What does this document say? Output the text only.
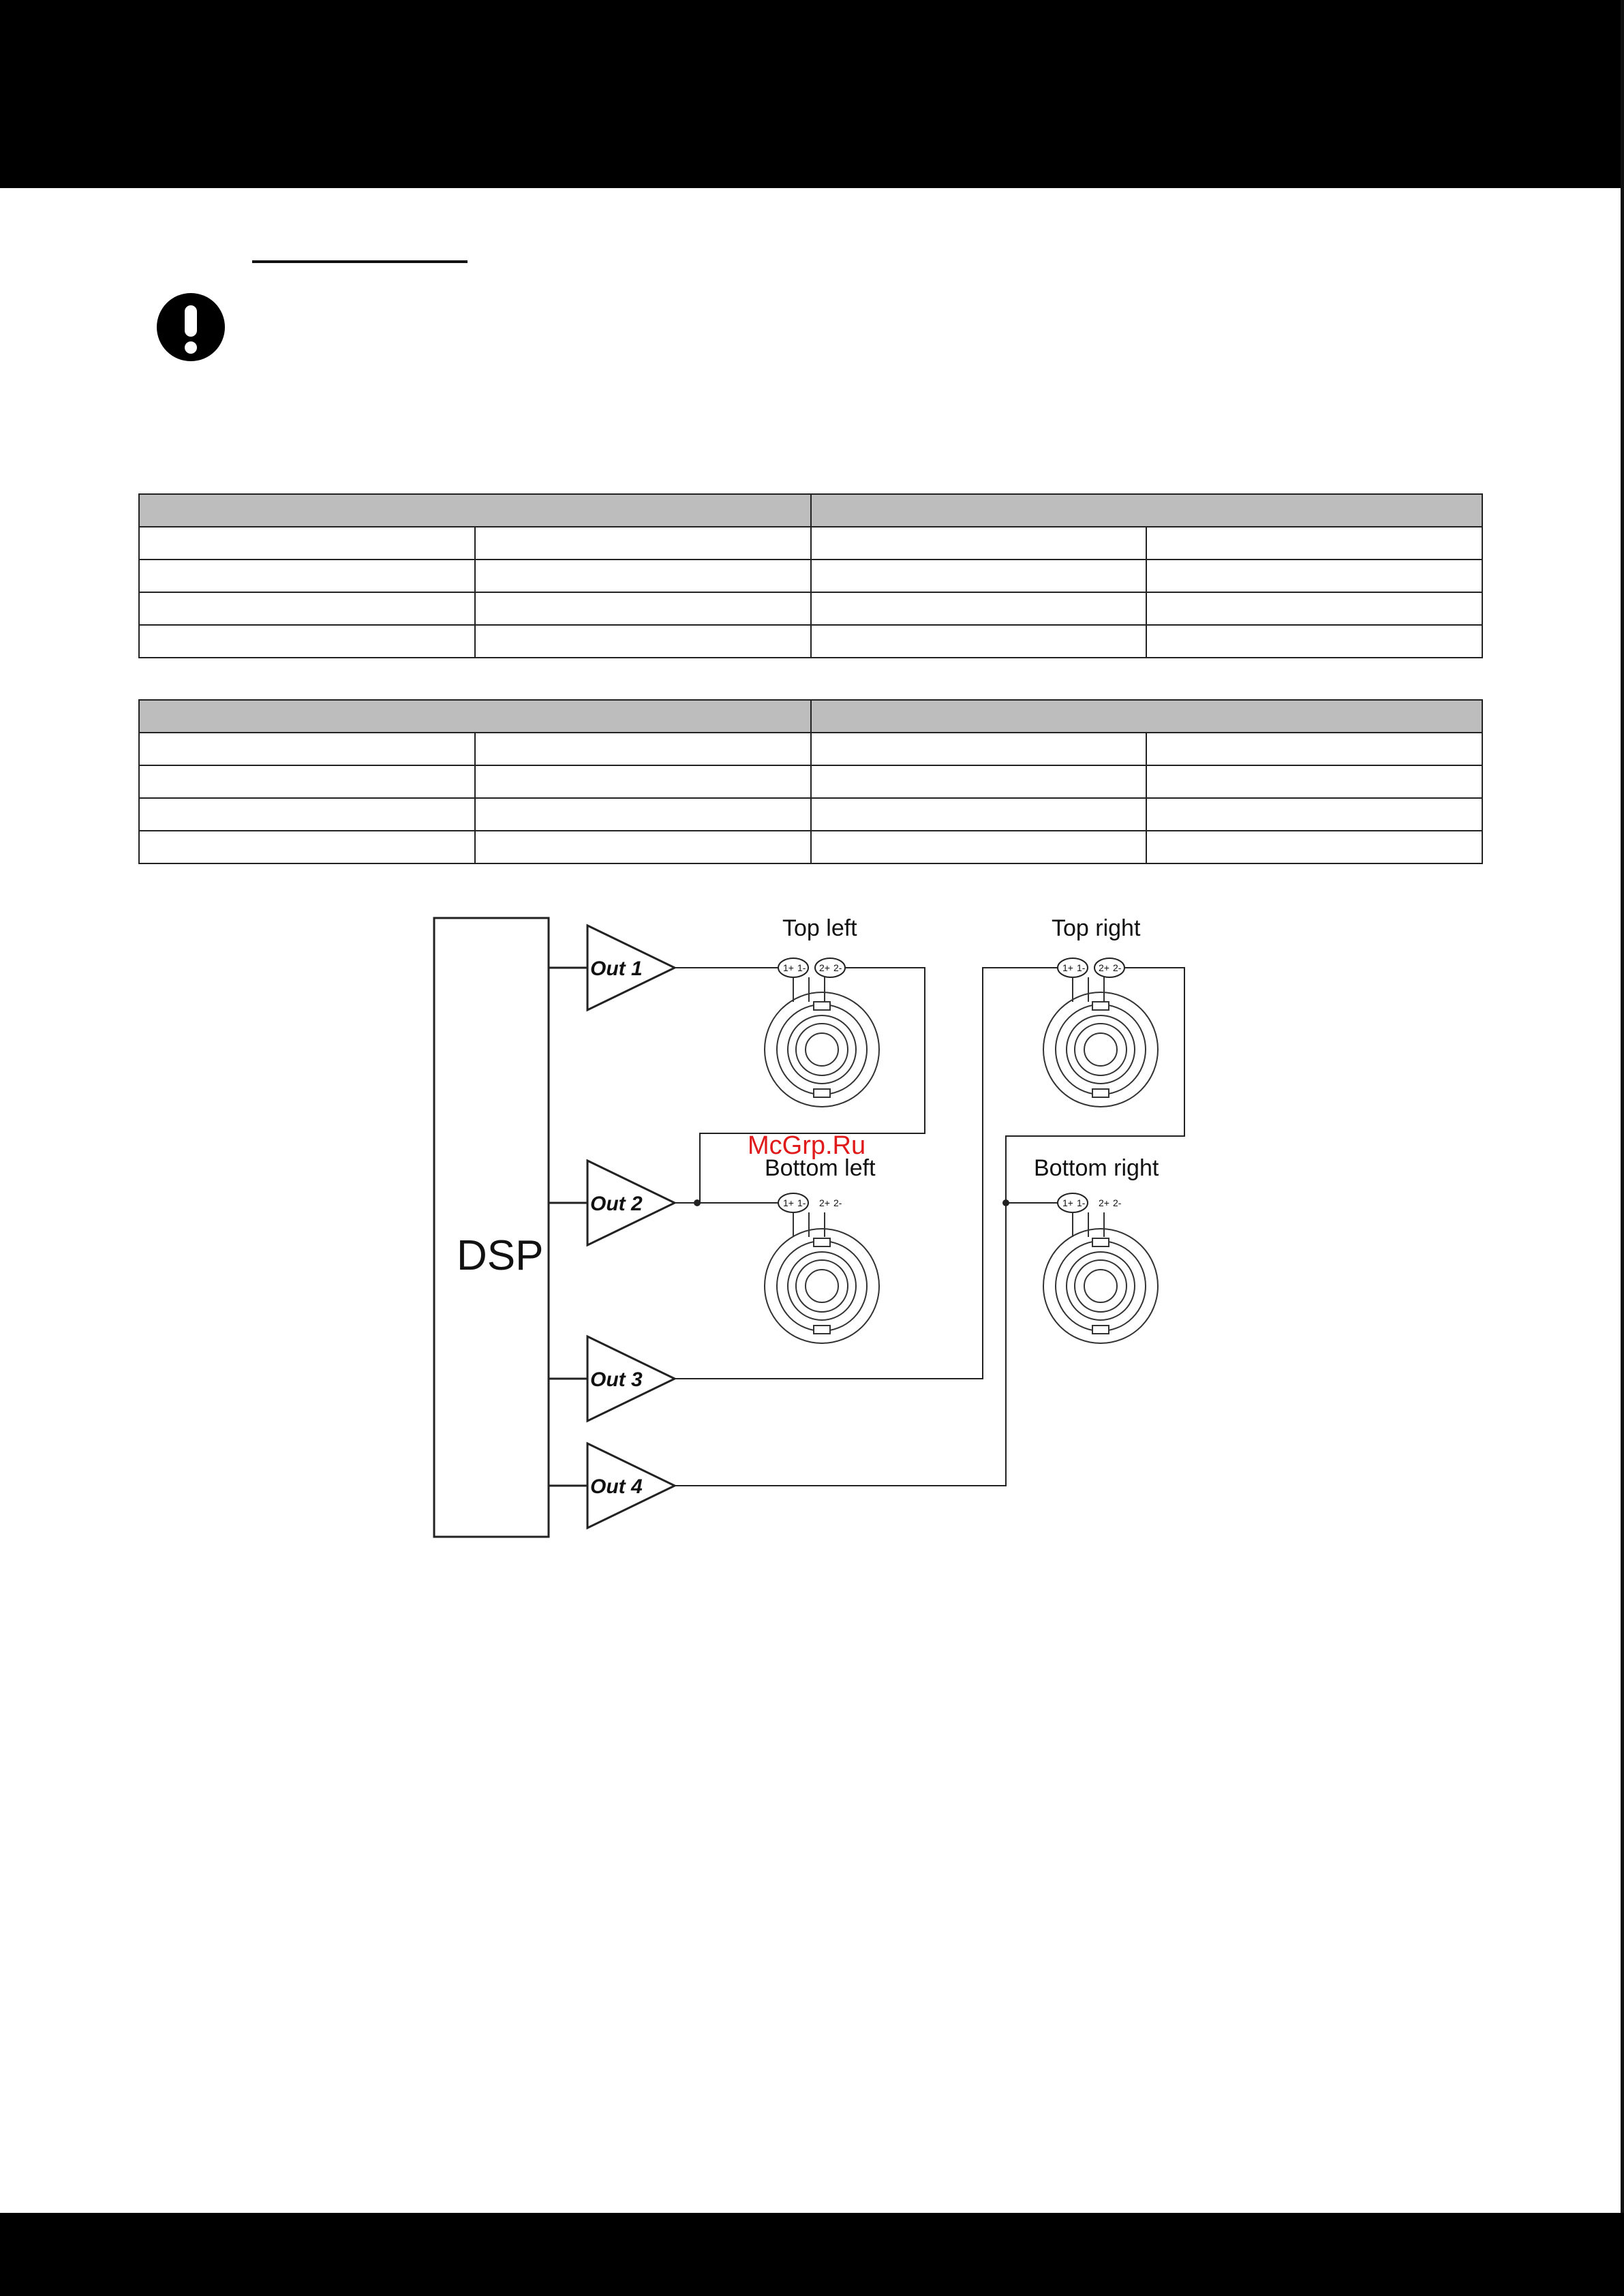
DSP
Out 1
Out 2
Out 3
Out 4
Top left
1+ 1- 2+ 2-
McGrp.Ru
Bottom left
1+ 1- 2+ 2-
Top right
1+ 1- 2+ 2-
Bottom right
1+ 1- 2+ 2-
